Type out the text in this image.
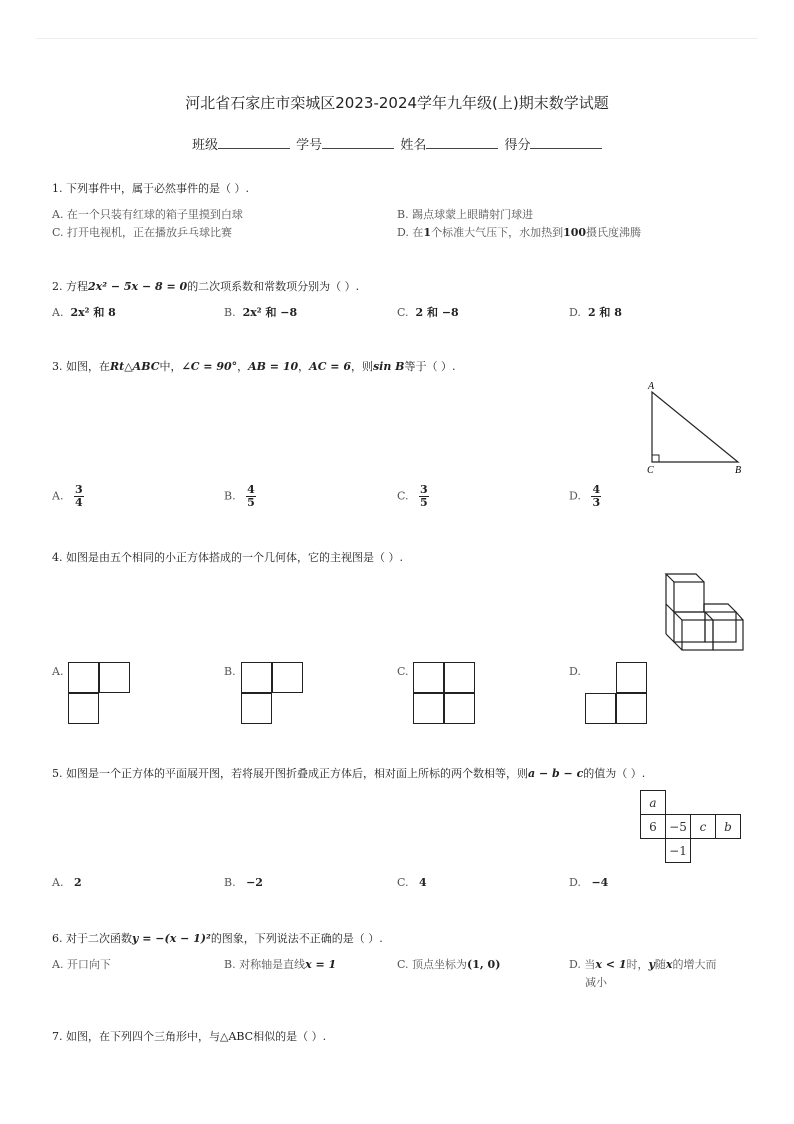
河北省石家庄市栾城区2023-2024学年九年级(上)期末数学试题
班级	学号	姓名	得分
1. 下列事件中，属于必然事件的是（ ）.
A. 在一个只装有红球的箱子里摸到白球	B. 踢点球蒙上眼睛射门球进
C. 打开电视机，正在播放乒乓球比赛	D. 在1个标准大气压下，水加热到100摄氏度沸腾
2. 方程2x² − 5x − 8 = 0的二次项系数和常数项分别为（ ）.
A. 2x² 和 8	B. 2x² 和 −8	C. 2 和 −8	D. 2 和 8
3. 如图，在Rt△ABC中，∠C = 90°，AB = 10，AC = 6，则sin B等于（ ）.
A
C	B
A. $\frac{3}{4}$	B. $\frac{4}{5}$	C. $\frac{3}{5}$	D. $\frac{4}{3}$
4. 如图是由五个相同的小正方体搭成的一个几何体，它的主视图是（ ）.
A.	B.	C.	D.
5. 如图是一个正方体的平面展开图，若将展开图折叠成正方体后，相对面上所标的两个数相等，则a − b − c的值为（ ）.
a			
6	−5	c	b
	−1		
A. 2	B. −2	C. 4	D. −4
6. 对于二次函数y = −(x − 1)²的图象，下列说法不正确的是（ ）.
A. 开口向下	B. 对称轴是直线x = 1	C. 顶点坐标为(1, 0)	D. 当x < 1时，y随x的增大而
减小
7. 如图，在下列四个三角形中，与△ABC相似的是（ ）.
